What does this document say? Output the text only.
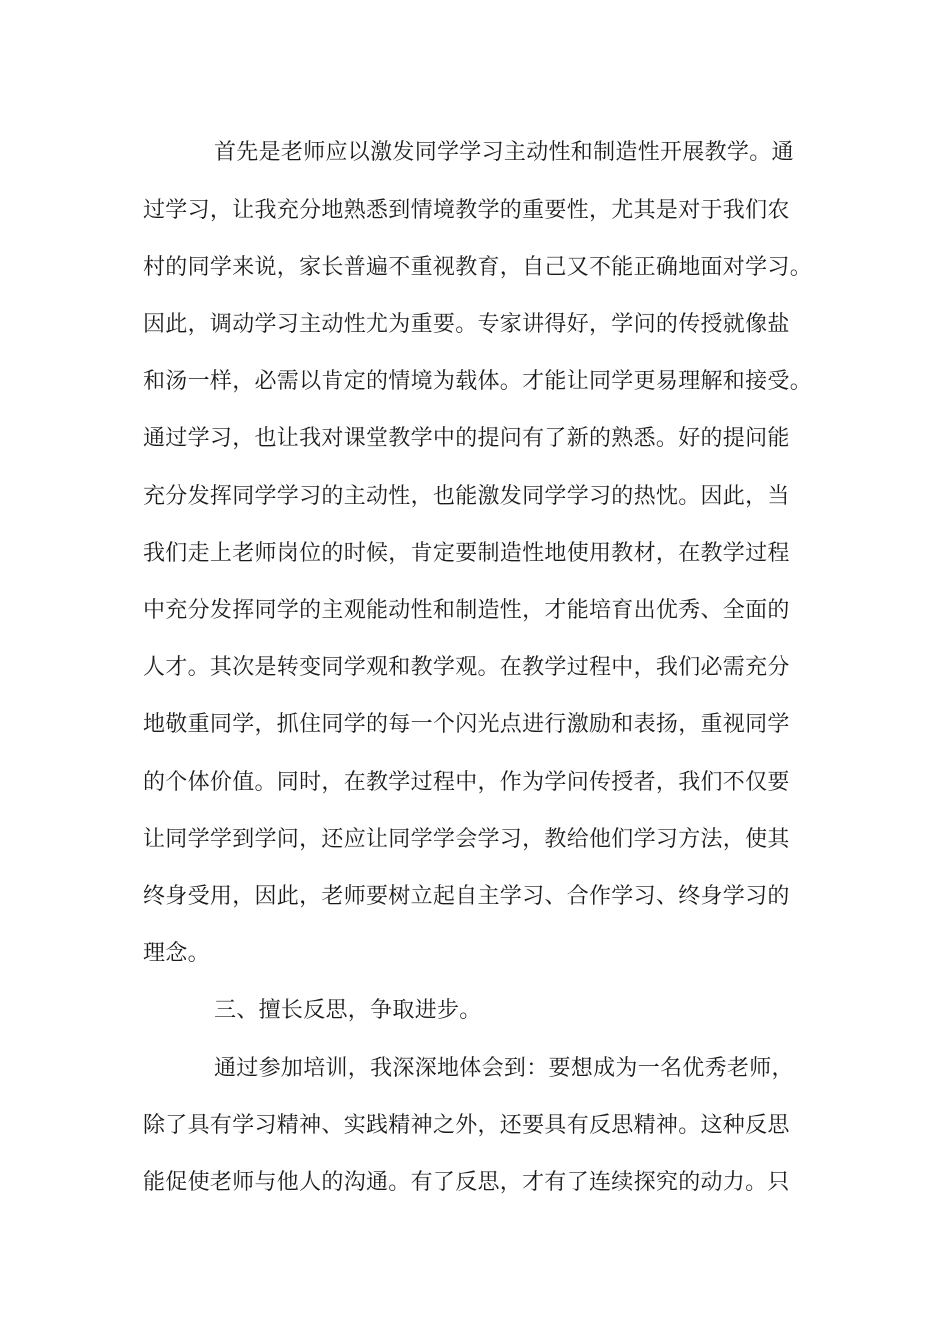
首先是老师应以激发同学学习主动性和制造性开展教学。通
过学习，让我充分地熟悉到情境教学的重要性，尤其是对于我们农
村的同学来说，家长普遍不重视教育，自己又不能正确地面对学习。
因此，调动学习主动性尤为重要。专家讲得好，学问的传授就像盐
和汤一样，必需以肯定的情境为载体。才能让同学更易理解和接受。
通过学习，也让我对课堂教学中的提问有了新的熟悉。好的提问能
充分发挥同学学习的主动性，也能激发同学学习的热忱。因此，当
我们走上老师岗位的时候，肯定要制造性地使用教材，在教学过程
中充分发挥同学的主观能动性和制造性，才能培育出优秀、全面的
人才。其次是转变同学观和教学观。在教学过程中，我们必需充分
地敬重同学，抓住同学的每一个闪光点进行激励和表扬，重视同学
的个体价值。同时，在教学过程中，作为学问传授者，我们不仅要
让同学学到学问，还应让同学学会学习，教给他们学习方法，使其
终身受用，因此，老师要树立起自主学习、合作学习、终身学习的
理念。
三、擅长反思，争取进步。
通过参加培训，我深深地体会到：要想成为一名优秀老师，
除了具有学习精神、实践精神之外，还要具有反思精神。这种反思
能促使老师与他人的沟通。有了反思，才有了连续探究的动力。只
